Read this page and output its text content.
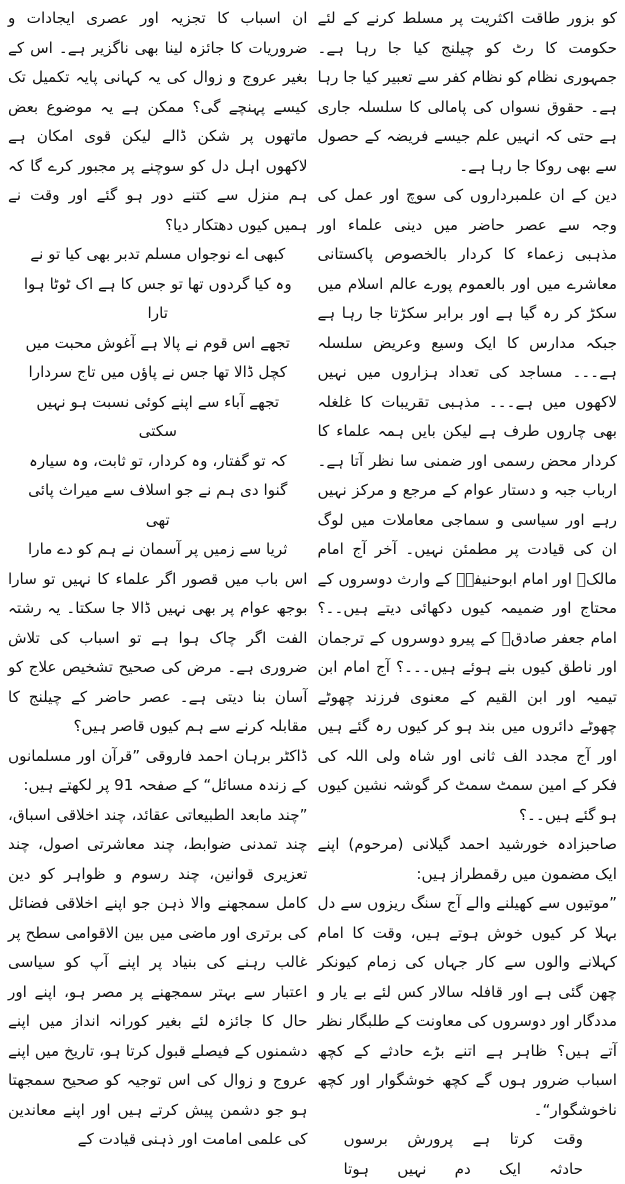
کو بزور طاقت اکثریت پر مسلط کرنے کے لئے حکومت کا رٹ کو چیلنج کیا جا رہا ہے۔ جمہوری نظام کو نظام کفر سے تعبیر کیا جا رہا ہے۔ حقوق نسواں کی پامالی کا سلسلہ جاری ہے حتی کہ انہیں علم جیسے فریضہ کے حصول سے بھی روکا جا رہا ہے۔

دین کے ان علمبرداروں کی سوچ اور عمل کی وجہ سے عصر حاضر میں دینی علماء اور مذہبی زعماء کا کردار بالخصوص پاکستانی معاشرے میں اور بالعموم پورے عالم اسلام میں سکڑ کر رہ گیا ہے اور برابر سکڑتا جا رہا ہے جبکہ مدارس کا ایک وسیع وعریض سلسلہ ہے۔۔۔ مساجد کی تعداد ہزاروں میں نہیں لاکھوں میں ہے۔۔۔ مذہبی تقریبات کا غلغلہ بھی چاروں طرف ہے لیکن بایں ہمہ علماء کا کردار محض رسمی اور ضمنی سا نظر آتا ہے۔ ارباب جبہ و دستار عوام کے مرجع و مرکز نہیں رہے اور سیاسی و سماجی معاملات میں لوگ ان کی قیادت پر مطمئن نہیں۔ آخر آج امام مالکؒ اور امام ابوحنیفہؒ کے وارث دوسروں کے محتاج اور ضمیمہ کیوں دکھائی دیتے ہیں۔۔؟ امام جعفر صادقؒ کے پیرو دوسروں کے ترجمان اور ناطق کیوں بنے ہوئے ہیں۔۔۔؟ آج امام ابن تیمیہ اور ابن القیم کے معنوی فرزند چھوٹے چھوٹے دائروں میں بند ہو کر کیوں رہ گئے ہیں اور آج مجدد الف ثانی اور شاہ ولی اللہ کی فکر کے امین سمٹ سمٹ کر گوشہ نشین کیوں ہو گئے ہیں۔۔؟

صاحبزادہ خورشید احمد گیلانی (مرحوم) اپنے ایک مضمون میں رقمطراز ہیں:

”موتیوں سے کھیلنے والے آج سنگ ریزوں سے دل بہلا کر کیوں خوش ہوتے ہیں، وقت کا امام کہلانے والوں سے کار جہاں کی زمام کیونکر چھن گئی ہے اور قافلہ سالار کس لئے بے یار و مددگار اور دوسروں کی معاونت کے طلبگار نظر آتے ہیں؟ ظاہر ہے اتنے بڑے حادثے کے کچھ اسباب ضرور ہوں گے کچھ خوشگوار اور کچھ ناخوشگوار“۔

وقت
کرتا
ہے
پرورش
برسوں
حادثہ
ایک
دم
نہیں
ہوتا

ان اسباب کا تجزیہ اور عصری ایجادات و ضروریات کا جائزہ لینا بھی ناگزیر ہے۔ اس کے بغیر عروج و زوال کی یہ کہانی پایہ تکمیل تک کیسے پہنچے گی؟ ممکن ہے یہ موضوع بعض ماتھوں پر شکن ڈالے لیکن قوی امکان ہے لاکھوں اہل دل کو سوچنے پر مجبور کرے گا کہ ہم منزل سے کتنے دور ہو گئے اور وقت نے ہمیں کیوں دھتکار دیا؟

کبھی اے نوجواں مسلم تدبر بھی کیا تو نے

وہ کیا گردوں تھا تو جس کا ہے اک ٹوٹا ہوا تارا

تجھے اس قوم نے پالا ہے آغوش محبت میں

کچل ڈالا تھا جس نے پاؤں میں تاج سردارا

تجھے آباء سے اپنے کوئی نسبت ہو نہیں سکتی

کہ تو گفتار، وہ کردار، تو ثابت، وہ سیارہ

گنوا دی ہم نے جو اسلاف سے میراث پائی تھی

ثریا سے زمیں پر آسمان نے ہم کو دے مارا

اس باب میں قصور اگر علماء کا نہیں تو سارا بوجھ عوام پر بھی نہیں ڈالا جا سکتا۔ یہ رشتہ الفت اگر چاک ہوا ہے تو اسباب کی تلاش ضروری ہے۔ مرض کی صحیح تشخیص علاج کو آسان بنا دیتی ہے۔ عصر حاضر کے چیلنج کا مقابلہ کرنے سے ہم کیوں قاصر ہیں؟

ڈاکٹر برہان احمد فاروقی ”قرآن اور مسلمانوں کے زندہ مسائل“ کے صفحہ 91 پر لکھتے ہیں:

”چند مابعد الطبیعاتی عقائد، چند اخلاقی اسباق، چند تمدنی ضوابط، چند معاشرتی اصول، چند تعزیری قوانین، چند رسوم و ظواہر کو دین کامل سمجھنے والا ذہن جو اپنے اخلاقی فضائل کی برتری اور ماضی میں بین الاقوامی سطح پر غالب رہنے کی بنیاد پر اپنے آپ کو سیاسی اعتبار سے بہتر سمجھنے پر مصر ہو، اپنے اور حال کا جائزہ لئے بغیر کورانہ انداز میں اپنے دشمنوں کے فیصلے قبول کرتا ہو، تاریخ میں اپنے عروج و زوال کی اس توجیہ کو صحیح سمجھتا ہو جو دشمن پیش کرتے ہیں اور اپنے معاندین کی علمی امامت اور ذہنی قیادت کے
